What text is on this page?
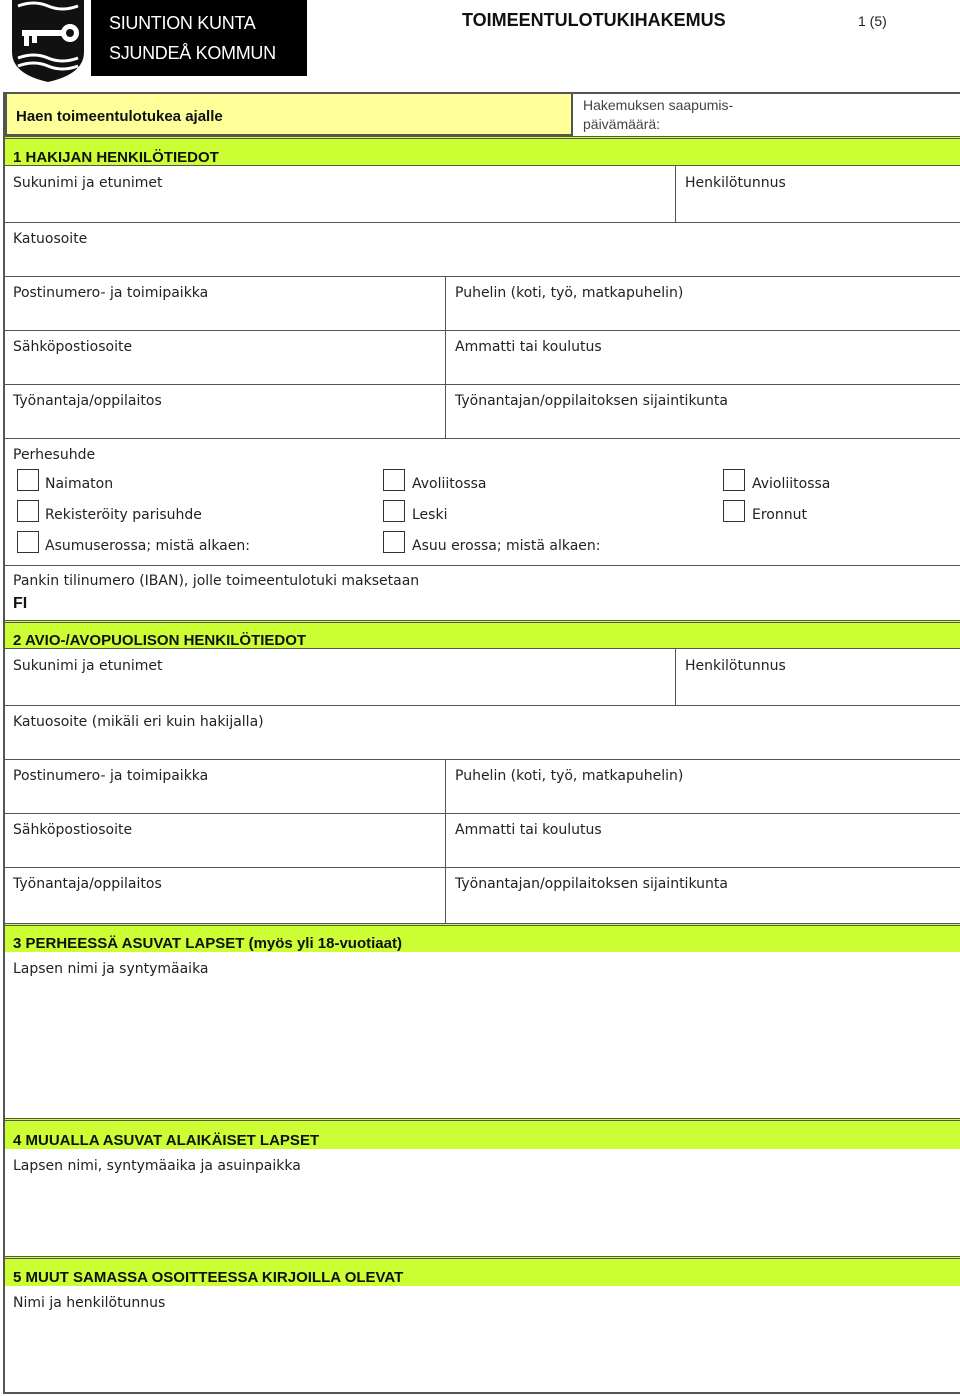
SIUNTION KUNTA
SJUNDEÅ KOMMUN
TOIMEENTULOTUKIHAKEMUS	1 (5)
Haen toimeentulotukea ajalle
Hakemuksen saapumis-
päivämäärä:
1 HAKIJAN HENKILÖTIEDOT
Sukunimi ja etunimet	Henkilötunnus
Katuosoite
Postinumero- ja toimipaikka	Puhelin (koti, työ, matkapuhelin)
Sähköpostiosoite	Ammatti tai koulutus
Työnantaja/oppilaitos	Työnantajan/oppilaitoksen sijaintikunta
Perhesuhde
Naimaton	Avoliitossa	Avioliitossa
Rekisteröity parisuhde	Leski	Eronnut
Asumuserossa; mistä alkaen:	Asuu erossa; mistä alkaen:
Pankin tilinumero (IBAN), jolle toimeentulotuki maksetaan
FI
2 AVIO-/AVOPUOLISON HENKILÖTIEDOT
Sukunimi ja etunimet	Henkilötunnus
Katuosoite (mikäli eri kuin hakijalla)
Postinumero- ja toimipaikka	Puhelin (koti, työ, matkapuhelin)
Sähköpostiosoite	Ammatti tai koulutus
Työnantaja/oppilaitos	Työnantajan/oppilaitoksen sijaintikunta
3 PERHEESSÄ ASUVAT LAPSET (myös yli 18-vuotiaat)
Lapsen nimi ja syntymäaika
4 MUUALLA ASUVAT ALAIKÄISET LAPSET
Lapsen nimi, syntymäaika ja asuinpaikka
5 MUUT SAMASSA OSOITTEESSA KIRJOILLA OLEVAT
Nimi ja henkilötunnus
